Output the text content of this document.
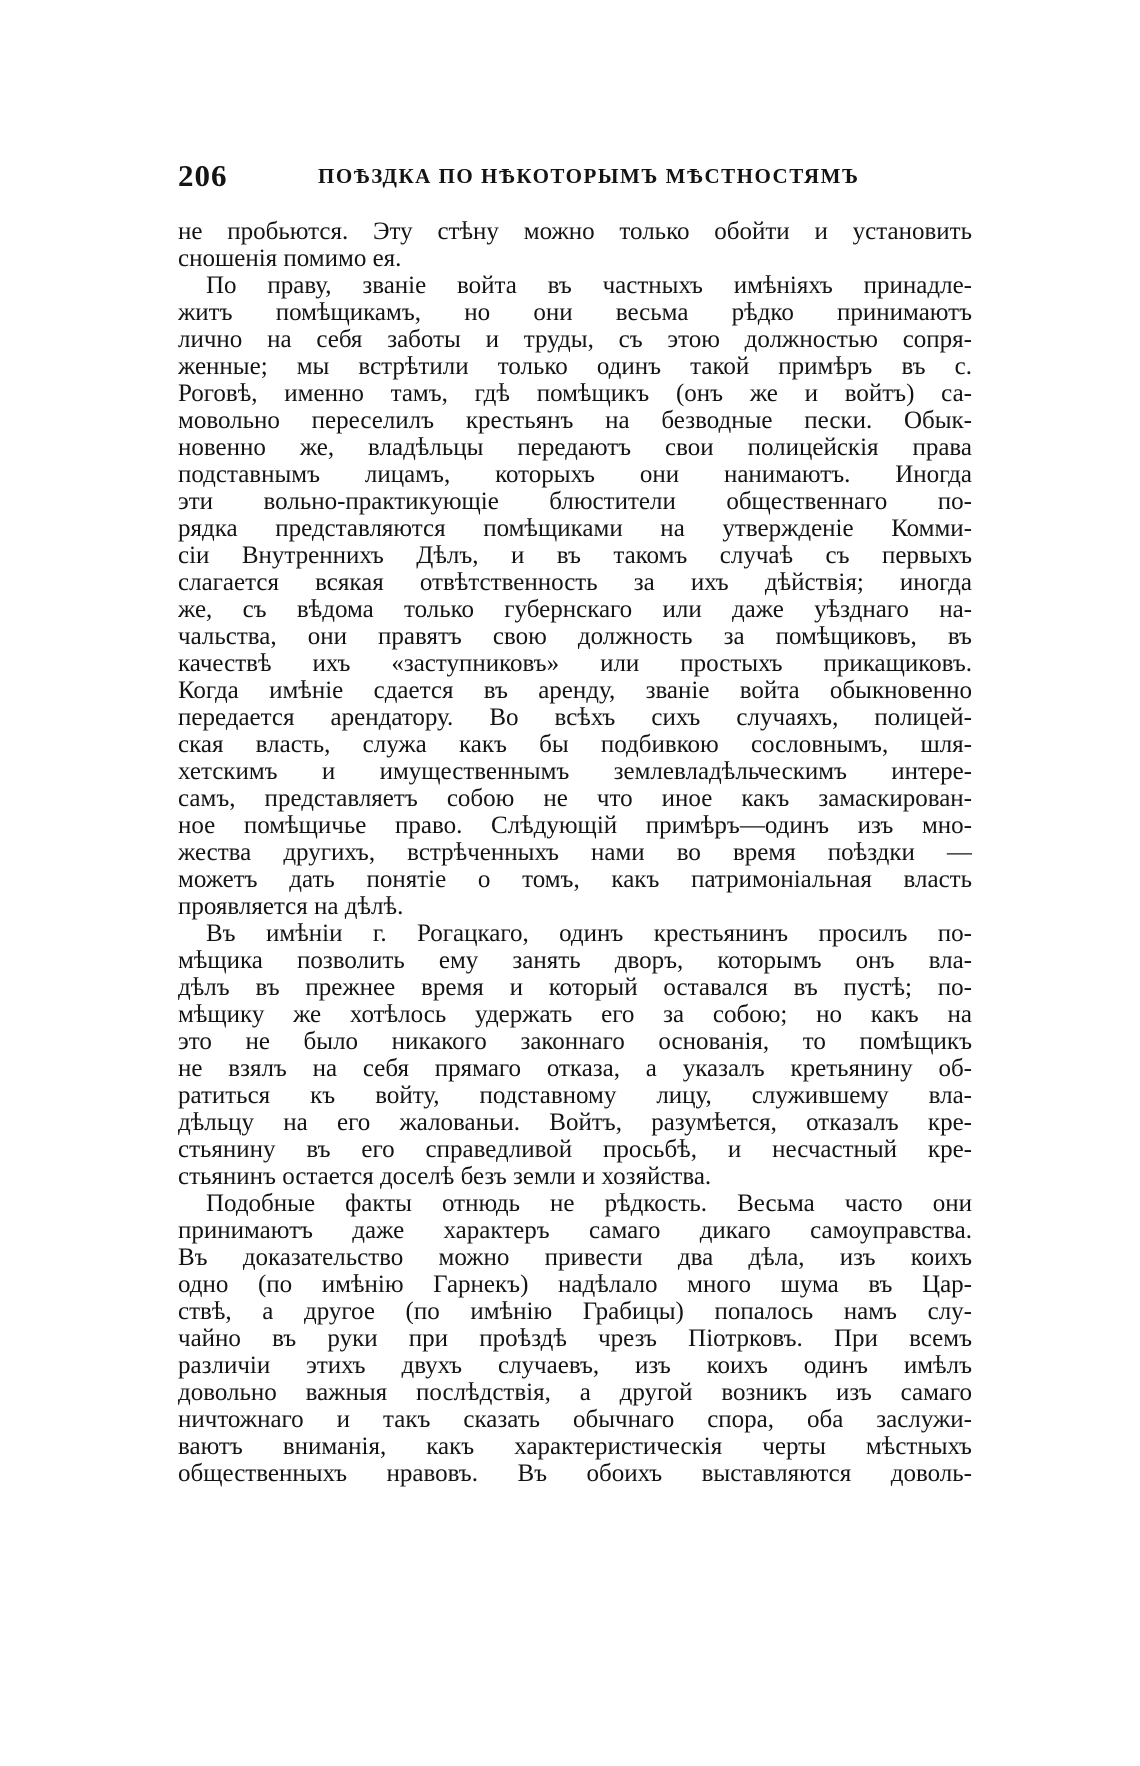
206	ПОѢЗДКА ПО НѢКОТОРЫМЪ МѢСТНОСТЯМЪ
не пробьются. Эту стѣну можно только обойти и установить
сношенія помимо ея.
По праву, званіе войта въ частныхъ имѣніяхъ принадле-
житъ помѣщикамъ, но они весьма рѣдко принимаютъ
лично на себя заботы и труды, съ этою должностью сопря-
женные; мы встрѣтили только одинъ такой примѣръ въ с.
Роговѣ, именно тамъ, гдѣ помѣщикъ (онъ же и войтъ) са-
мовольно переселилъ крестьянъ на безводные пески. Обык-
новенно же, владѣльцы передаютъ свои полицейскія права
подставнымъ лицамъ, которыхъ они нанимаютъ. Иногда
эти вольно-практикующіе блюстители общественнаго по-
рядка представляются помѣщиками на утвержденіе Комми-
сіи Внутреннихъ Дѣлъ, и въ такомъ случаѣ съ первыхъ
слагается всякая отвѣтственность за ихъ дѣйствія; иногда
же, съ вѣдома только губернскаго или даже уѣзднаго на-
чальства, они правятъ свою должность за помѣщиковъ, въ
качествѣ ихъ «заступниковъ» или простыхъ прикащиковъ.
Когда имѣніе сдается въ аренду, званіе войта обыкновенно
передается арендатору. Во всѣхъ сихъ случаяхъ, полицей-
ская власть, служа какъ бы подбивкою сословнымъ, шля-
хетскимъ и имущественнымъ землевладѣльческимъ интере-
самъ, представляетъ собою не что иное какъ замаскирован-
ное помѣщичье право. Слѣдующій примѣръ—одинъ изъ мно-
жества другихъ, встрѣченныхъ нами во время поѣздки —
можетъ дать понятіе о томъ, какъ патримоніальная власть
проявляется на дѣлѣ.
Въ имѣніи г. Рогацкаго, одинъ крестьянинъ просилъ по-
мѣщика позволить ему занять дворъ, которымъ онъ вла-
дѣлъ въ прежнее время и который оставался въ пустѣ; по-
мѣщику же хотѣлось удержать его за собою; но какъ на
это не было никакого законнаго основанія, то помѣщикъ
не взялъ на себя прямаго отказа, а указалъ кретьянину об-
ратиться къ войту, подставному лицу, служившему вла-
дѣльцу на его жалованьи. Войтъ, разумѣется, отказалъ кре-
стьянину въ его справедливой просьбѣ, и несчастный кре-
стьянинъ остается доселѣ безъ земли и хозяйства.
Подобные факты отнюдь не рѣдкость. Весьма часто они
принимаютъ даже характеръ самаго дикаго самоуправства.
Въ доказательство можно привести два дѣла, изъ коихъ
одно (по имѣнію Гарнекъ) надѣлало много шума въ Цар-
ствѣ, а другое (по имѣнію Грабицы) попалось намъ слу-
чайно въ руки при проѣздѣ чрезъ Піотрковъ. При всемъ
различіи этихъ двухъ случаевъ, изъ коихъ одинъ имѣлъ
довольно важныя послѣдствія, а другой возникъ изъ самаго
ничтожнаго и такъ сказать обычнаго спора, оба заслужи-
ваютъ вниманія, какъ характеристическія черты мѣстныхъ
общественныхъ нравовъ. Въ обоихъ выставляются доволь-
